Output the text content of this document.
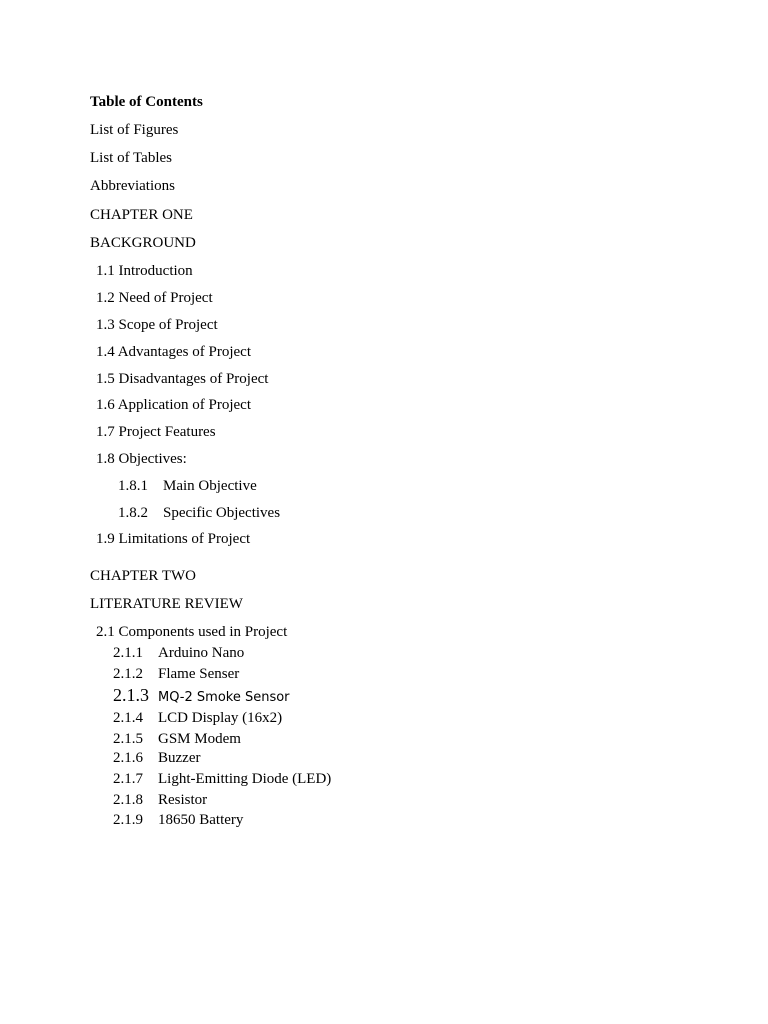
Table of Contents
List of Figures
List of Tables
Abbreviations
CHAPTER ONE
BACKGROUND
1.1 Introduction
1.2 Need of Project
1.3 Scope of Project
1.4 Advantages of Project
1.5 Disadvantages of Project
1.6 Application of Project
1.7 Project Features
1.8 Objectives:
1.8.1 Main Objective
1.8.2 Specific Objectives
1.9 Limitations of Project
CHAPTER TWO
LITERATURE REVIEW
2.1 Components used in Project
2.1.1 Arduino Nano
2.1.2 Flame Senser
2.1.3 MQ-2 Smoke Sensor
2.1.4 LCD Display (16x2)
2.1.5 GSM Modem
2.1.6 Buzzer
2.1.7 Light-Emitting Diode (LED)
2.1.8 Resistor
2.1.9 18650 Battery
